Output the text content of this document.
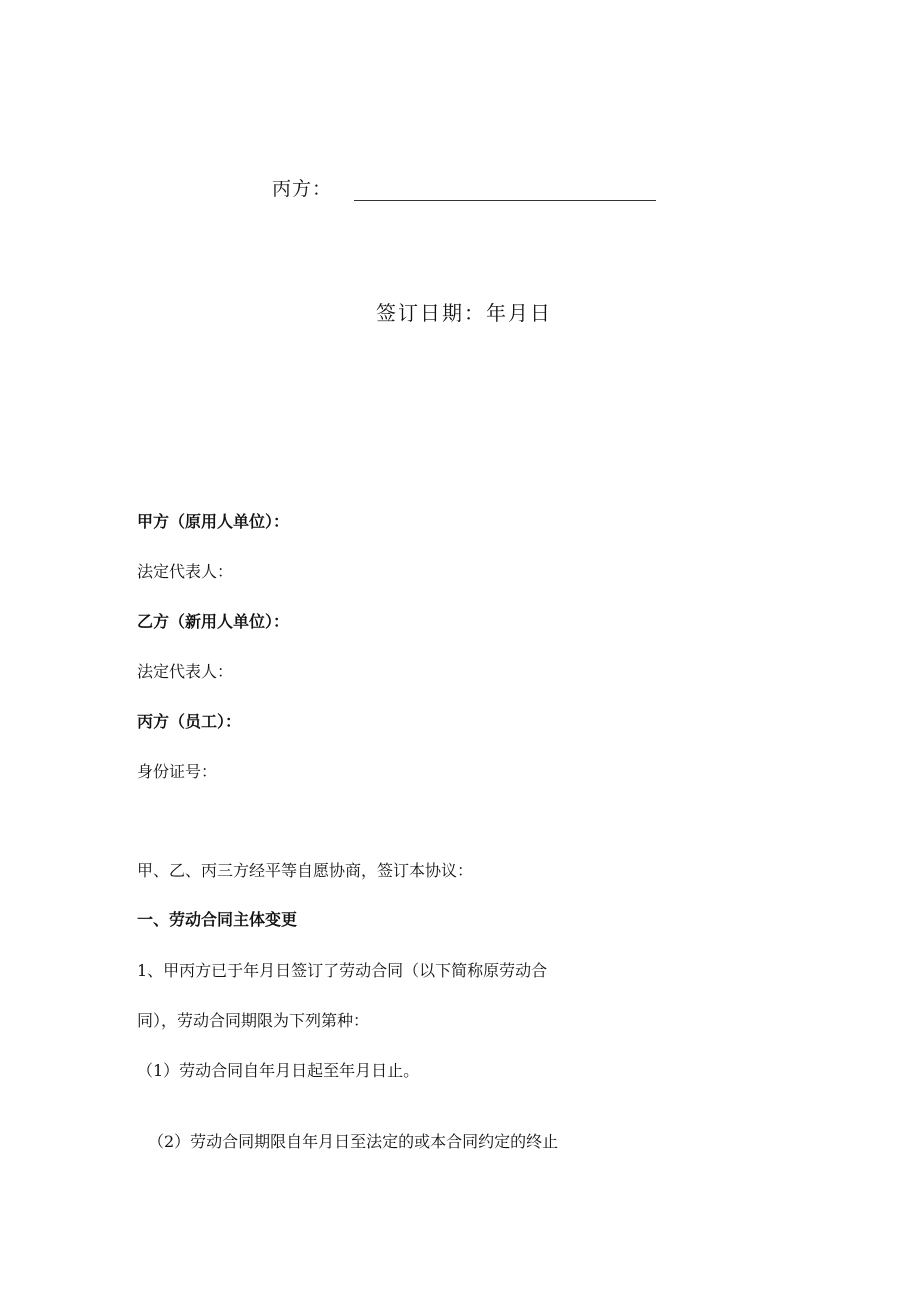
丙方：
签订日期：年月日
甲方（原用人单位）：
法定代表人：
乙方（新用人单位）：
法定代表人：
丙方（员工）：
身份证号：
甲、乙、丙三方经平等自愿协商，签订本协议：
一、劳动合同主体变更
1、甲丙方已于年月日签订了劳动合同（以下简称原劳动合
同），劳动合同期限为下列第种：
（1）劳动合同自年月日起至年月日止。
（2）劳动合同期限自年月日至法定的或本合同约定的终止
